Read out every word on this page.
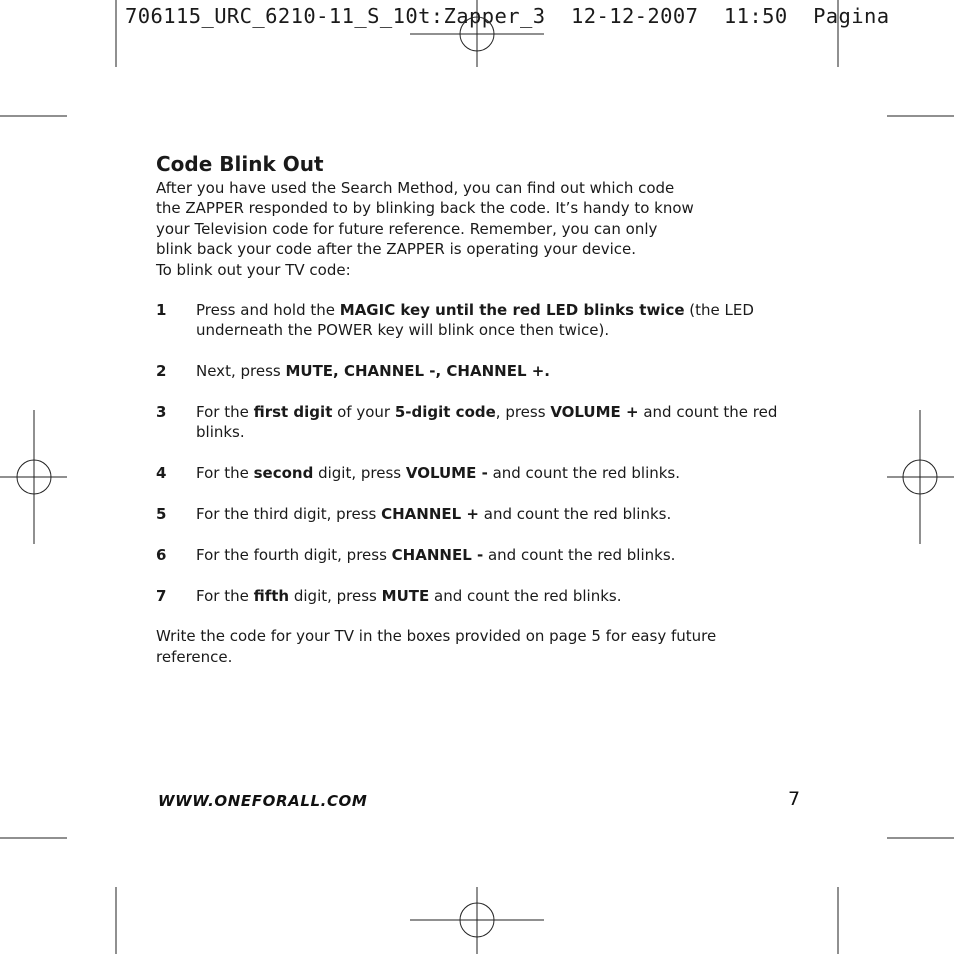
706115_URC_6210-11_S_10t:Zapper_3  12-12-2007  11:50  Pagina
Code Blink Out

After you have used the Search Method, you can find out which code

the ZAPPER responded to by blinking back the code. It’s handy to know

your Television code for future reference. Remember, you can only

blink back your code after the ZAPPER is operating your device.

To blink out your TV code:

1 Press and hold the MAGIC key until the red LED blinks twice (the LED underneath the POWER key will blink once then twice).
2 Next, press MUTE, CHANNEL -, CHANNEL +.
3 For the first digit of your 5-digit code, press VOLUME + and count the red blinks.
4 For the second digit, press VOLUME - and count the red blinks.
5 For the third digit, press CHANNEL + and count the red blinks.
6 For the fourth digit, press CHANNEL - and count the red blinks.
7 For the fifth digit, press MUTE and count the red blinks.

Write the code for your TV in the boxes provided on page 5 for easy future reference.

WWW.ONEFORALL.COM	7
